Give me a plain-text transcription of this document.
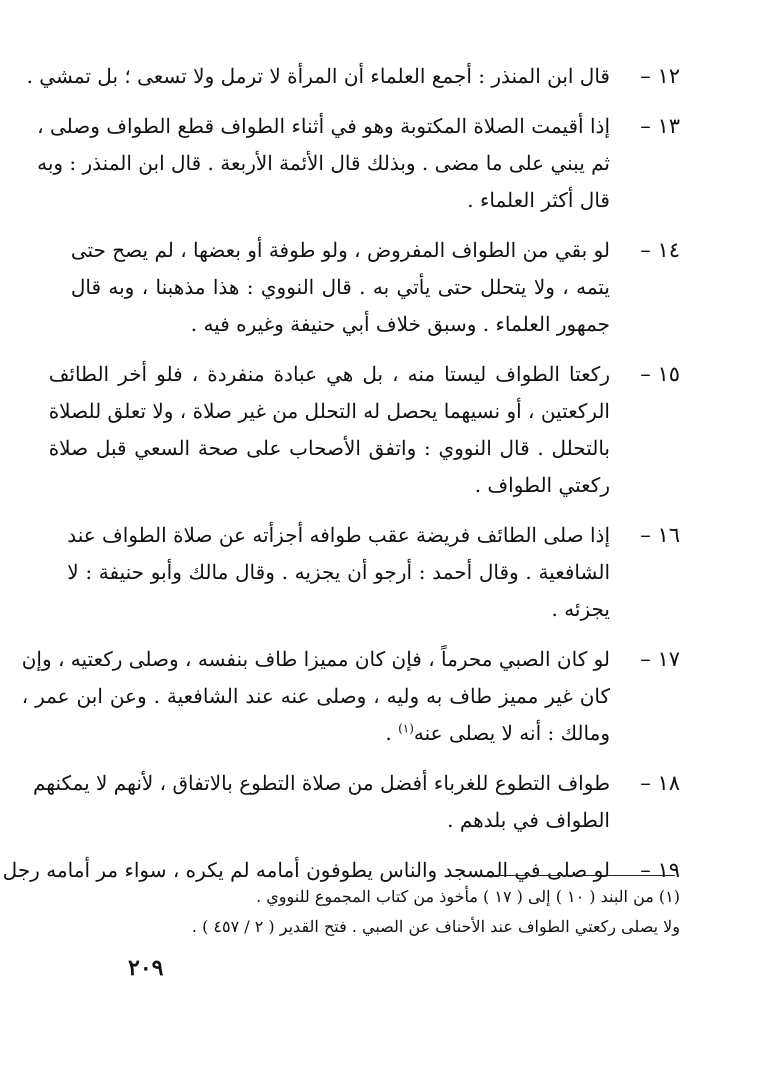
١٢ –
قال ابن المنذر : أجمع العلماء أن المرأة لا ترمل ولا تسعى ؛ بل تمشي .
١٣ –
إذا أقيمت الصلاة المكتوبة وهو في أثناء الطواف قطع الطواف وصلى ،
ثم يبني على ما مضى . وبذلك قال الأئمة الأربعة . قال ابن المنذر : وبه
قال أكثر العلماء .
١٤ –
لو بقي من الطواف المفروض ، ولو طوفة أو بعضها ، لم يصح حتى
يتمه ، ولا يتحلل حتى يأتي به . قال النووي : هذا مذهبنا ، وبه قال
جمهور العلماء . وسبق خلاف أبي حنيفة وغيره فيه .
١٥ –
ركعتا الطواف ليستا منه ، بل هي عبادة منفردة ، فلو أخر الطائف
الركعتين ، أو نسيهما يحصل له التحلل من غير صلاة ، ولا تعلق للصلاة
بالتحلل . قال النووي : واتفق الأصحاب على صحة السعي قبل صلاة
ركعتي الطواف .
١٦ –
إذا صلى الطائف فريضة عقب طوافه أجزأته عن صلاة الطواف عند
الشافعية . وقال أحمد : أرجو أن يجزيه . وقال مالك وأبو حنيفة : لا
يجزئه .
١٧ –
لو كان الصبي محرماً ، فإن كان مميزا طاف بنفسه ، وصلى ركعتيه ، وإن
كان غير مميز طاف به وليه ، وصلى عنه عند الشافعية . وعن ابن عمر ،
ومالك : أنه لا يصلى عنه$^{(١)}$ .
١٨ –
طواف التطوع للغرباء أفضل من صلاة التطوع بالاتفاق ، لأنهم لا يمكنهم
الطواف في بلدهم .
١٩ –
لو صلى في المسجد والناس يطوفون أمامه لم يكره ، سواء مر أمامه رجل
(١) من البند ( ١٠ ) إلى ( ١٧ ) مأخوذ من كتاب المجموع للنووي .
ولا يصلى ركعتي الطواف عند الأحناف عن الصبي . فتح القدير ( ٢ / ٤٥٧ ) .
٢٠٩
